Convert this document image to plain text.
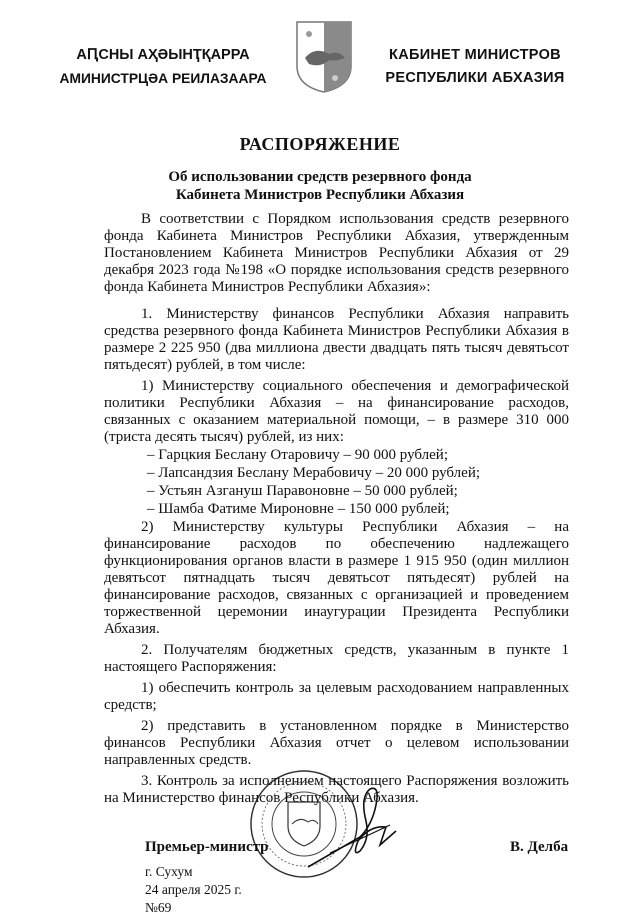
АԤСНЫ АҲӘЫНҬҚАРРА
АМИНИСТРЦӘА РЕИЛАЗААРА
КАБИНЕТ МИНИСТРОВ
РЕСПУБЛИКИ АБХАЗИЯ
РАСПОРЯЖЕНИЕ
Об использовании средств резервного фонда
Кабинета Министров Республики Абхазия

В соответствии с Порядком использования средств резервного фонда Кабинета Министров Республики Абхазия, утвержденным Постановлением Кабинета Министров Республики Абхазия от 29 декабря 2023 года №198 «О порядке использования средств резервного фонда Кабинета Министров Республики Абхазия»:

1. Министерству финансов Республики Абхазия направить средства резервного фонда Кабинета Министров Республики Абхазия в размере 2 225 950 (два миллиона двести двадцать пять тысяч девятьсот пятьдесят) рублей, в том числе:

1) Министерству социального обеспечения и демографической политики Республики Абхазия – на финансирование расходов, связанных с оказанием материальной помощи, – в размере 310 000 (триста десять тысяч) рублей, из них:

– Гарцкия Беслану Отаровичу – 90 000 рублей;

– Лапсандзия Беслану Мерабовичу – 20 000 рублей;

– Устьян Азгануш Паравоновне – 50 000 рублей;

– Шамба Фатиме Мироновне – 150 000 рублей;

2) Министерству культуры Республики Абхазия – на финансирование расходов по обеспечению надлежащего функционирования органов власти в размере 1 915 950 (один миллион девятьсот пятнадцать тысяч девятьсот пятьдесят) рублей на финансирование расходов, связанных с организацией и проведением торжественной церемонии инаугурации Президента Республики Абхазия.

2. Получателям бюджетных средств, указанным в пункте 1 настоящего Распоряжения:

1) обеспечить контроль за целевым расходованием направленных средств;

2) представить в установленном порядке в Министерство финансов Республики Абхазия отчет о целевом использовании направленных средств.

3. Контроль за исполнением настоящего Распоряжения возложить на Министерство финансов Республики Абхазия.

Премьер-министр	В. Делба
г. Сухум
24 апреля 2025 г.
№69
